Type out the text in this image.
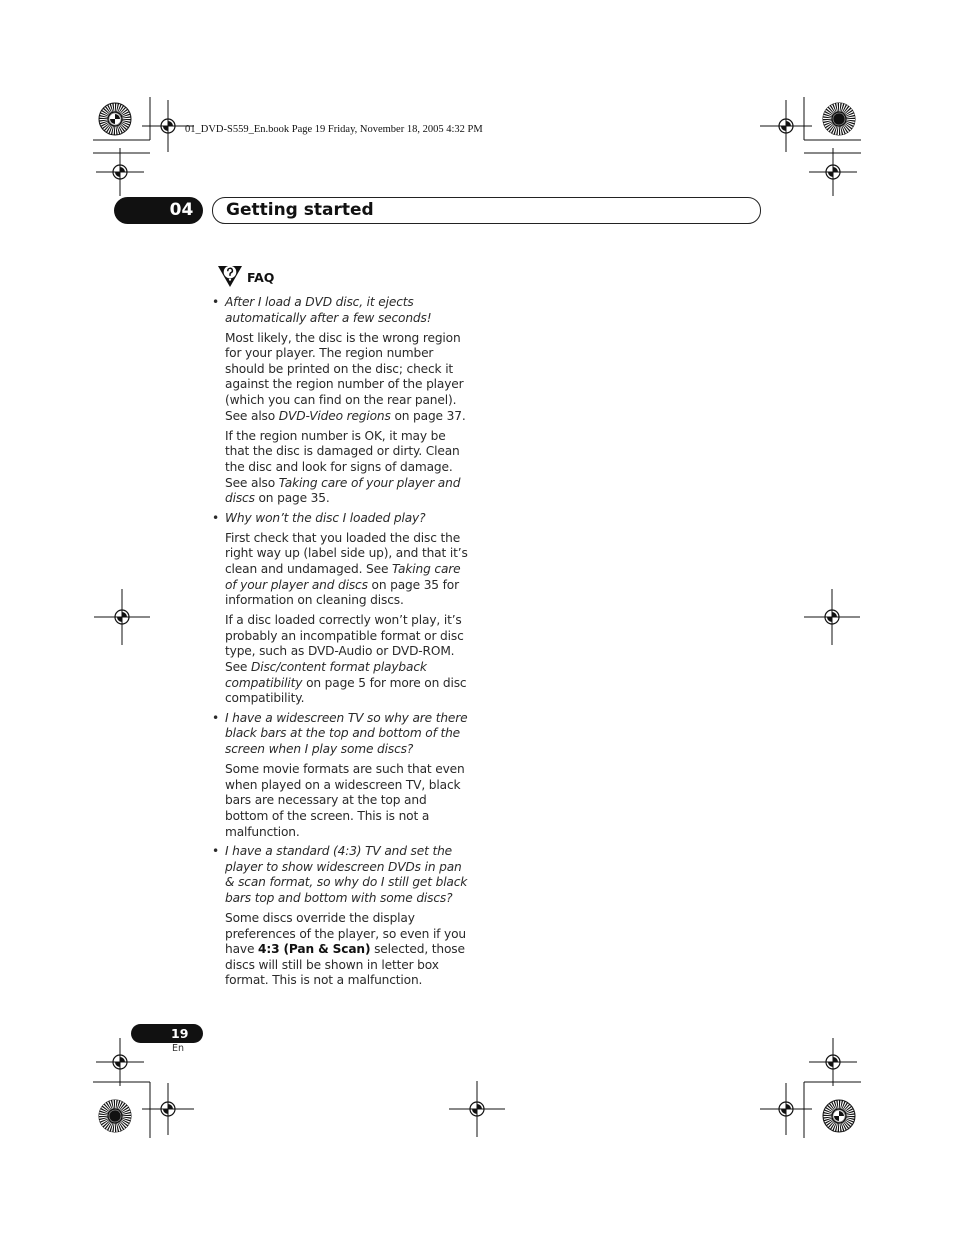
01_DVD-S559_En.book Page 19 Friday, November 18, 2005 4:32 PM
04	Getting started
FAQ
• After I load a DVD disc, it ejects automatically after a few seconds!
Most likely, the disc is the wrong region for your player. The region number should be printed on the disc; check it against the region number of the player (which you can find on the rear panel). See also DVD-Video regions on page 37.
If the region number is OK, it may be that the disc is damaged or dirty. Clean the disc and look for signs of damage. See also Taking care of your player and discs on page 35.
• Why won’t the disc I loaded play?
First check that you loaded the disc the right way up (label side up), and that it’s clean and undamaged. See Taking care of your player and discs on page 35 for information on cleaning discs.
If a disc loaded correctly won’t play, it’s probably an incompatible format or disc type, such as DVD-Audio or DVD-ROM. See Disc/content format playback compatibility on page 5 for more on disc compatibility.
• I have a widescreen TV so why are there black bars at the top and bottom of the screen when I play some discs?
Some movie formats are such that even when played on a widescreen TV, black bars are necessary at the top and bottom of the screen. This is not a malfunction.
• I have a standard (4:3) TV and set the player to show widescreen DVDs in pan & scan format, so why do I still get black bars top and bottom with some discs?
Some discs override the display preferences of the player, so even if you have 4:3 (Pan & Scan) selected, those discs will still be shown in letter box format. This is not a malfunction.
19
En
